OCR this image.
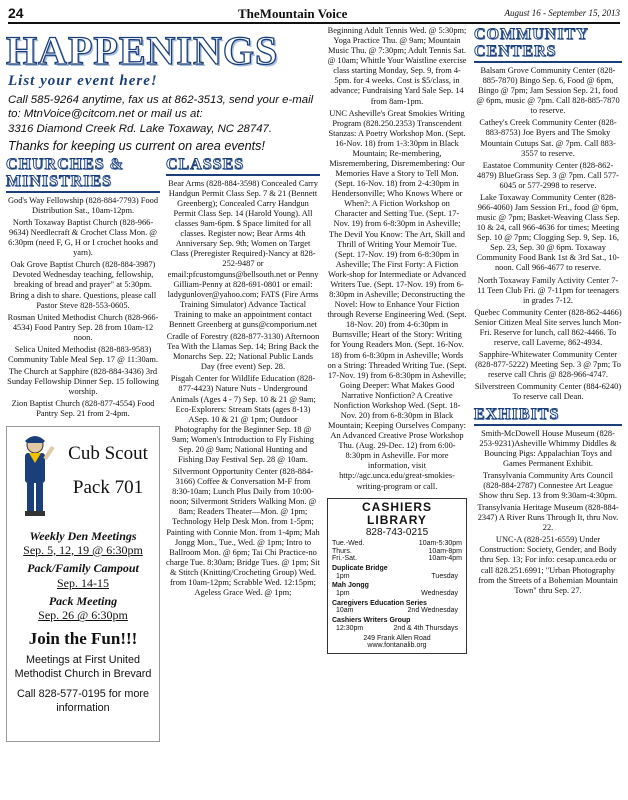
24	TheMountain Voice	August 16 - September 15, 2013
HAPPENINGS
List your event here!
Call 585-9264 anytime, fax us at 862-3513, send your e-mail
to: MtnVoice@citcom.net or mail us at:
3316 Diamond Creek Rd. Lake Toxaway, NC 28747.
Thanks for keeping us current on area events!
CHURCHES & MINISTRIES
God's Way Fellowship (828-884-7793) Food Distribution Sat., 10am-12pm.
North Toxaway Baptist Church (828-966-9634) Needlecraft & Crochet Class Mon. @ 6:30pm (need F, G, H or I crochet hooks and yarn).
Oak Grove Baptist Church (828-884-3987) Devoted Wednesday teaching, fellowship, breaking of bread and prayer" at 5:30pm. Bring a dish to share. Questions, please call Pastor Steve 828-553-0605.
Rosman United Methodist Church (828-966-4534) Food Pantry Sep. 28 from 10am-12 noon.
Selica United Methodist (828-883-9583) Community Table Meal Sep. 17 @ 11:30am.
The Church at Sapphire (828-884-3436) 3rd Sunday Fellowship Dinner Sep. 15 following worship.
Zion Baptist Church (828-877-4554) Food Pantry Sep. 21 from 2-4pm.
Cub Scout
Pack 701
Weekly Den Meetings

Sep. 5, 12, 19 @ 6:30pm

Pack/Family Campout

Sep. 14-15

Pack Meeting

Sep. 26 @ 6:30pm

Join the Fun!!!
Meetings at First United
Methodist Church in Brevard
Call 828-577-0195 for more
information
CLASSES
Bear Arms (828-884-3598) Concealed Carry Handgun Permit Class Sep. 7 & 21 (Bennett Greenberg); Concealed Carry Handgun Permit Class Sep. 14 (Harold Young). All classes 9am-6pm. $ Space limited for all classes. Register now; Bear Arms 4th Anniversary Sep. 9th; Women on Target Class (Preregister Required)-Nancy at 828-252-9487 or email:pfcustomguns@bellsouth.net or Penny Gilliam-Penny at 828-691-0801 or email: ladygunlover@yahoo.com; FATS (Fire Arms Training Simulator) Advance Tactical Training to make an appointment contact Bennett Greenberg at guns@comporium.net
Cradle of Forestry (828-877-3130) Afternoon Tea With the Llamas Sep. 14; Bring Back the Monarchs Sep. 22; National Public Lands Day (free event) Sep. 28.
Pisgah Center for Wildlife Education (828-877-4423) Nature Nuts - Underground Animals (Ages 4 - 7) Sep. 10 & 21 @ 9am; Eco-Explorers: Stream Stats (ages 8-13) ASep. 10 & 21 @ 1pm; Outdoor Photography for the Beginner Sep. 18 @ 9am; Women's Introduction to Fly Fishing Sep. 20 @ 9am; National Hunting and Fishing Day Festival Sep. 28 @ 10am.
Silvermont Opportunity Center (828-884-3166) Coffee & Conversation M-F from 8:30-10am; Lunch Plus Daily from 10:00-noon; Silvermont Striders Walking Mon. @ 8am; Readers Theater—Mon. @ 1pm; Technology Help Desk Mon. from 1-5pm; Painting with Connie Mon. from 1-4pm; Mah Jongg Mon., Tue., Wed. @ 1pm; Intro to Ballroom Mon. @ 6pm; Tai Chi Practice-no charge Tue. 8:30am; Bridge Tues. @ 1pm; Sit & Stitch (Knitting/Crocheting Group) Wed. from 10am-12pm; Scrabble Wed. 12:15pm; Ageless Grace Wed. @ 1pm;
Beginning Adult Tennis Wed. @ 5:30pm; Yoga Practice Thu. @ 9am; Mountain Music Thu. @ 7:30pm; Adult Tennis Sat. @ 10am; Whittle Your Waistline exercise class starting Monday, Sep. 9, from 4-5pm. for 4 weeks. Cost is $5/class, in advance; Fundraising Yard Sale Sep. 14 from 8am-1pm.
UNC Asheville's Great Smokies Writing Program (828.250.2353) Transcendent Stanzas: A Poetry Workshop Mon. (Sept. 16-Nov. 18) from 1-3:30pm in Black Mountain; Re-membering, Misremembering, Disremembering: Our Memories Have a Story to Tell Mon. (Sept. 16-Nov. 18) from 2-4:30pm in Hendersonville; Who Knows Where or When?: A Fiction Workshop on Character and Setting Tue. (Sept. 17-Nov. 19) from 6-8:30pm in Asheville; The Devil You Know: The Art, Skill and Thrill of Writing Your Memoir Tue. (Sept. 17-Nov. 19) from 6-8:30pm in Asheville; The First Forty: A Fiction Work-shop for Intermediate or Advanced Writers Tue. (Sept. 17-Nov. 19) from 6-8:30pm in Asheville; Deconstructing the Novel: How to Enhance Your Fiction through Reverse Engineering Wed. (Sept. 18-Nov. 20) from 4-6:30pm in Burnsville; Heart of the Story: Writing for Young Readers Mon. (Sept. 16-Nov. 18) from 6-8:30pm in Asheville; Words on a String: Threaded Writing Tue. (Sept. 17-Nov. 19) from 6-8:30pm in Asheville; Going Deeper: What Makes Good Narrative Nonfiction? A Creative Nonfiction Workshop Wed. (Sept. 18-Nov. 20) from 6-8:30pm in Black Mountain; Keeping Ourselves Company: An Advanced Creative Prose Workshop Thu. (Aug. 29-Dec. 12) from 6:00-8:30pm in Asheville. For more information, visit http://agc.unca.edu/great-smokies-writing-program or call.
CASHIERS LIBRARY
828-743-0215
Tue.-Wed.	10am-5:30pm
Thurs.	10am-8pm
Fri.-Sat.	10am-4pm
Duplicate Bridge
1pm	Tuesday
Mah Jongg
1pm	Wednesday
Caregivers Education Series
10am	2nd Wednesday
Cashiers Writers Group
12:30pm	2nd & 4th Thursdays
249 Frank Allen Road
www.fontanalib.org
COMMUNITY CENTERS
Balsam Grove Community Center (828-885-7870) Bingo Sep. 6, Food @ 6pm, Bingo @ 7pm; Jam Session Sep. 21, food @ 6pm, music @ 7pm. Call 828-885-7870 to reserve.
Cathey's Creek Community Center (828-883-8753) Joe Byers and The Smoky Mountain Cutups Sat. @ 7pm. Call 883-3557 to reserve.
Eastatoe Community Center (828-862-4879) BlueGrass Sep. 3 @ 7pm. Call 577-6045 or 577-2998 to reserve.
Lake Toxaway Community Center (828-966-4060) Jam Session Fri., food @ 6pm, music @ 7pm; Basket-Weaving Class Sep. 10 & 24, call 966-4636 for times; Meeting Sep. 10 @ 7pm; Clogging Sep. 9, Sep. 16, Sep. 23, Sep. 30 @ 6pm. Toxaway Community Food Bank 1st & 3rd Sat., 10-noon. Call 966-4677 to reserve.
North Toxaway Family Activity Center 7-11 Teen Club Fri. @ 7-11pm for teenagers in grades 7-12.
Quebec Community Center (828-862-4466) Senior Citizen Meal Site serves lunch Mon-Fri. Reserve for lunch, call 862-4466. To reserve, call Laverne, 862-4934.
Sapphire-Whitewater Community Center (828-877-5222) Meeting Sep. 3 @ 7pm; To reserve call Chris @ 828-966-4747.
Silverstreen Community Center (884-6240) To reserve call Dean.
EXHIBITS
Smith-McDowell House Museum (828-253-9231)Asheville Whimmy Diddles & Bouncing Pigs: Appalachian Toys and Games Permanent Exhibit.
Transylvania Community Arts Council (828-884-2787) Connestee Art League Show thru Sep. 13 from 9:30am-4:30pm.
Transylvania Heritage Museum (828-884-2347) A River Runs Through It, thru Nov. 22.
UNC-A (828-251-6559) Under Construction: Society, Gender, and Body thru Sep. 13; For info: cesap.unca.edu or call 828.251.6991; "Urban Photography from the Streets of a Bohemian Mountain Town" thru Sep. 27.
